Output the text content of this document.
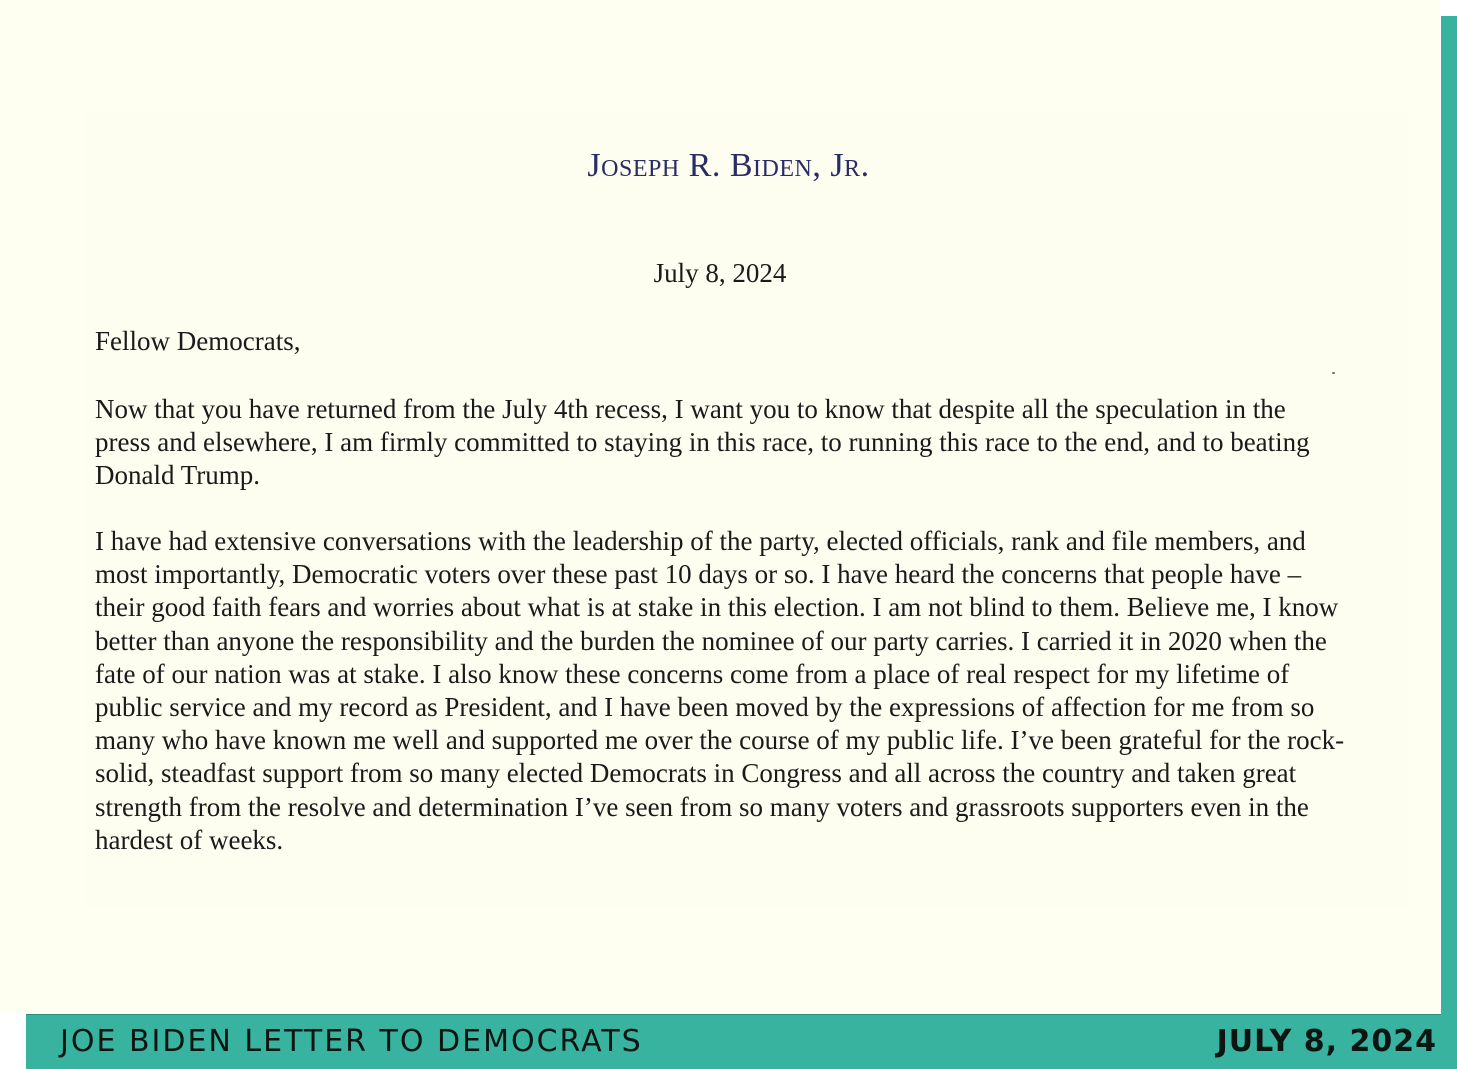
Joseph R. Biden, Jr.
July 8, 2024
Fellow Democrats,

Now that you have returned from the July 4th recess, I want you to know that despite all the speculation in the press and elsewhere, I am firmly committed to staying in this race, to running this race to the end, and to beating Donald Trump.

I have had extensive conversations with the leadership of the party, elected officials, rank and file members, and most importantly, Democratic voters over these past 10 days or so. I have heard the concerns that people have – their good faith fears and worries about what is at stake in this election. I am not blind to them. Believe me, I know better than anyone the responsibility and the burden the nominee of our party carries. I carried it in 2020 when the fate of our nation was at stake. I also know these concerns come from a place of real respect for my lifetime of public service and my record as President, and I have been moved by the expressions of affection for me from so many who have known me well and supported me over the course of my public life. I’ve been grateful for the rock-solid, steadfast support from so many elected Democrats in Congress and all across the country and taken great strength from the resolve and determination I’ve seen from so many voters and grassroots supporters even in the hardest of weeks.

JOE BIDEN LETTER TO DEMOCRATS	JULY 8, 2024
